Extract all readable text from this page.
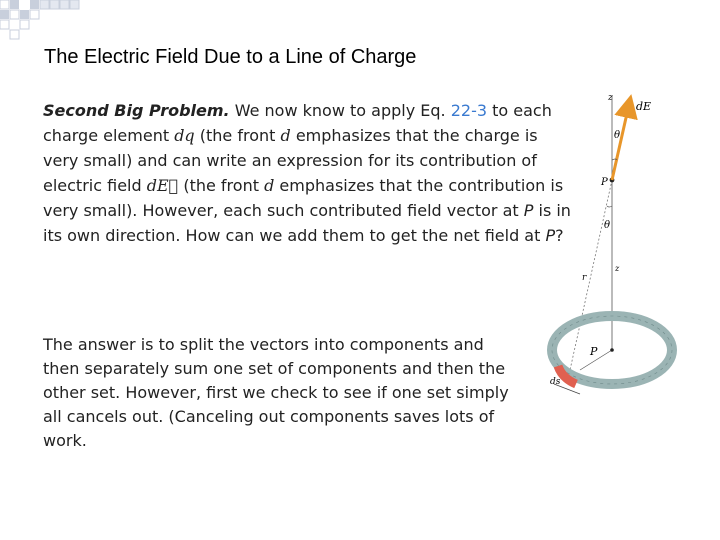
The Electric Field Due to a Line of Charge
Second Big Problem. We now know to apply Eq. 22-3 to each charge element dq (the front d emphasizes that the charge is very small) and can write an expression for its contribution of electric field dE⃗ (the front d emphasizes that the contribution is very small). However, each such contributed field vector at P is in its own direction. How can we add them to get the net field at P?
The answer is to split the vectors into components and then separately sum one set of components and then the other set. However, first we check to see if one set simply all cancels out. (Canceling out components saves lots of work.
z
dE
θ
P
θ
r
z
P
ds
